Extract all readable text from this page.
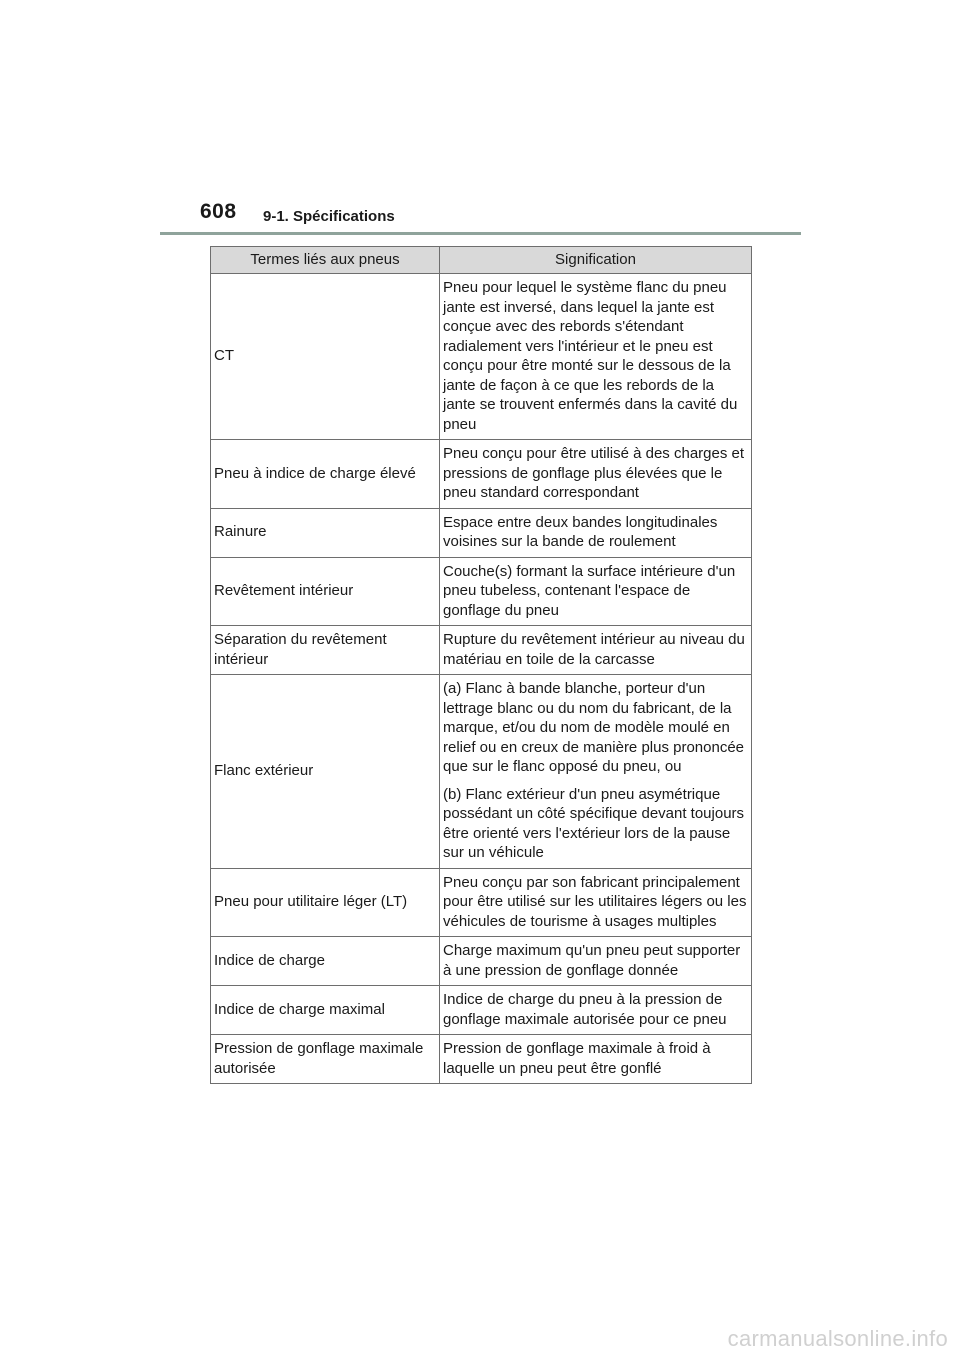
608 9-1. Spécifications
Termes liés aux pneus	Signification
CT	Pneu pour lequel le système flanc du pneu jante est inversé, dans lequel la jante est conçue avec des rebords s'étendant radialement vers l'intérieur et le pneu est conçu pour être monté sur le dessous de la jante de façon à ce que les rebords de la jante se trouvent enfermés dans la cavité du pneu

Pneu à indice de charge élevé	Pneu conçu pour être utilisé à des charges et pressions de gonflage plus élevées que le pneu standard correspondant

Rainure	Espace entre deux bandes longitudinales voisines sur la bande de roulement

Revêtement intérieur	Couche(s) formant la surface intérieure d'un pneu tubeless, contenant l'espace de gonflage du pneu

Séparation du revêtement intérieur	Rupture du revêtement intérieur au niveau du matériau en toile de la carcasse

Flanc extérieur	(a) Flanc à bande blanche, porteur d'un lettrage blanc ou du nom du fabricant, de la marque, et/ou du nom de modèle moulé en relief ou en creux de manière plus prononcée que sur le flanc opposé du pneu, ou
(b) Flanc extérieur d'un pneu asymétrique possédant un côté spécifique devant toujours être orienté vers l'extérieur lors de la pause sur un véhicule

Pneu pour utilitaire léger (LT)	Pneu conçu par son fabricant principalement pour être utilisé sur les utilitaires légers ou les véhicules de tourisme à usages multiples

Indice de charge	Charge maximum qu'un pneu peut supporter à une pression de gonflage donnée

Indice de charge maximal	Indice de charge du pneu à la pression de gonflage maximale autorisée pour ce pneu

Pression de gonflage maximale autorisée	Pression de gonflage maximale à froid à laquelle un pneu peut être gonflé
carmanualsonline.info
